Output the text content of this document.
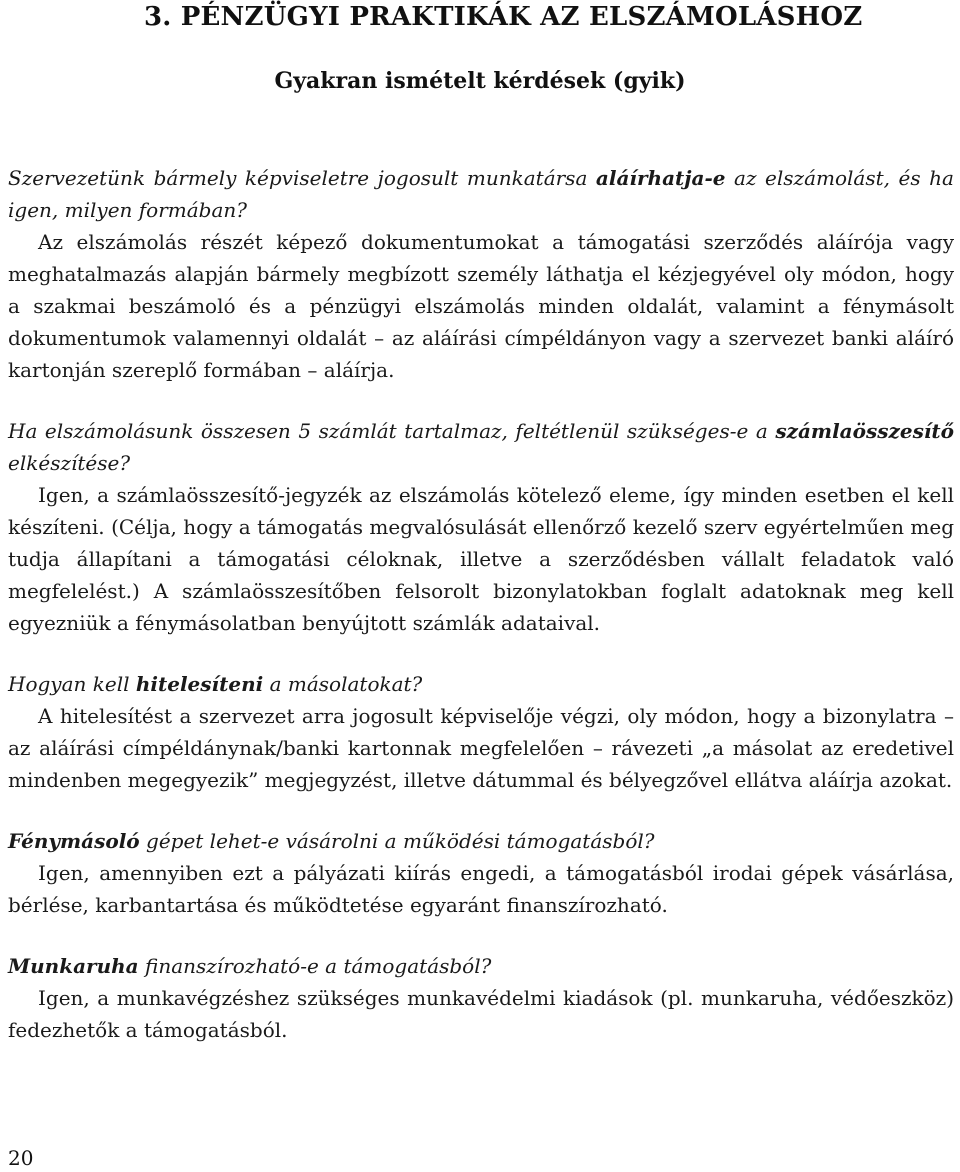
3. PÉNZÜGYI PRAKTIKÁK AZ ELSZÁMOLÁSHOZ
Gyakran ismételt kérdések (gyik)

Szervezetünk bármely képviseletre jogosult munkatársa aláírhatja-e az elszámolást, és ha igen, milyen formában?

Az elszámolás részét képező dokumentumokat a támogatási szerződés aláírója vagy meghatalmazás alapján bármely megbízott személy láthatja el kézjegyével oly módon, hogy a szakmai beszámoló és a pénzügyi elszámolás minden oldalát, valamint a fénymásolt dokumentumok valamennyi oldalát – az aláírási címpéldányon vagy a szervezet banki aláíró kartonján szereplő formában – aláírja.

Ha elszámolásunk összesen 5 számlát tartalmaz, feltétlenül szükséges-e a számlaösszesítő elkészítése?

Igen, a számlaösszesítő-jegyzék az elszámolás kötelező eleme, így minden esetben el kell készíteni. (Célja, hogy a támogatás megvalósulását ellenőrző kezelő szerv egyértelműen meg tudja állapítani a támogatási céloknak, illetve a szerződésben vállalt feladatok való megfelelést.) A számlaösszesítőben felsorolt bizonylatokban foglalt adatoknak meg kell egyezniük a fénymásolatban benyújtott számlák adataival.

Hogyan kell hitelesíteni a másolatokat?

A hitelesítést a szervezet arra jogosult képviselője végzi, oly módon, hogy a bizonylatra – az aláírási címpéldánynak/banki kartonnak megfelelően – rávezeti „a másolat az eredetivel mindenben megegyezik” megjegyzést, illetve dátummal és bélyegzővel ellátva aláírja azokat.

Fénymásoló gépet lehet-e vásárolni a működési támogatásból?

Igen, amennyiben ezt a pályázati kiírás engedi, a támogatásból irodai gépek vásárlása, bérlése, karbantartása és működtetése egyaránt finanszírozható.

Munkaruha finanszírozható-e a támogatásból?

Igen, a munkavégzéshez szükséges munkavédelmi kiadások (pl. munkaruha, védőeszköz) fedezhetők a támogatásból.

20
